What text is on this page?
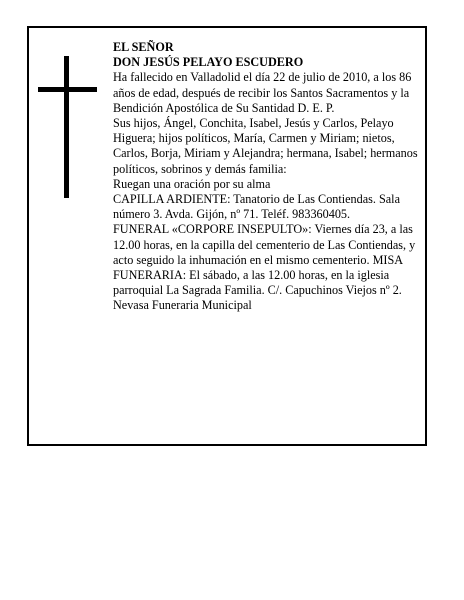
EL SEÑOR

DON JESÚS PELAYO ESCUDERO

Ha fallecido en Valladolid el día 22 de julio de 2010, a los 86 años de edad, después de recibir los Santos Sacramentos y la Bendición Apostólica de Su Santidad D. E. P.

Sus hijos, Ángel, Conchita, Isabel, Jesús y Carlos, Pelayo Higuera; hijos políticos, María, Carmen y Miriam; nietos, Carlos, Borja, Miriam y Alejandra; hermana, Isabel; hermanos políticos, sobrinos y demás familia:

Ruegan una oración por su alma

CAPILLA ARDIENTE: Tanatorio de Las Contiendas. Sala número 3. Avda. Gijón, nº 71. Teléf. 983360405.

FUNERAL «CORPORE INSEPULTO»: Viernes día 23, a las 12.00 horas, en la capilla del cementerio de Las Contiendas, y acto seguido la inhumación en el mismo cementerio. MISA FUNERARIA: El sábado, a las 12.00 horas, en la iglesia parroquial La Sagrada Familia. C/. Capuchinos Viejos nº 2.

Nevasa Funeraria Municipal
